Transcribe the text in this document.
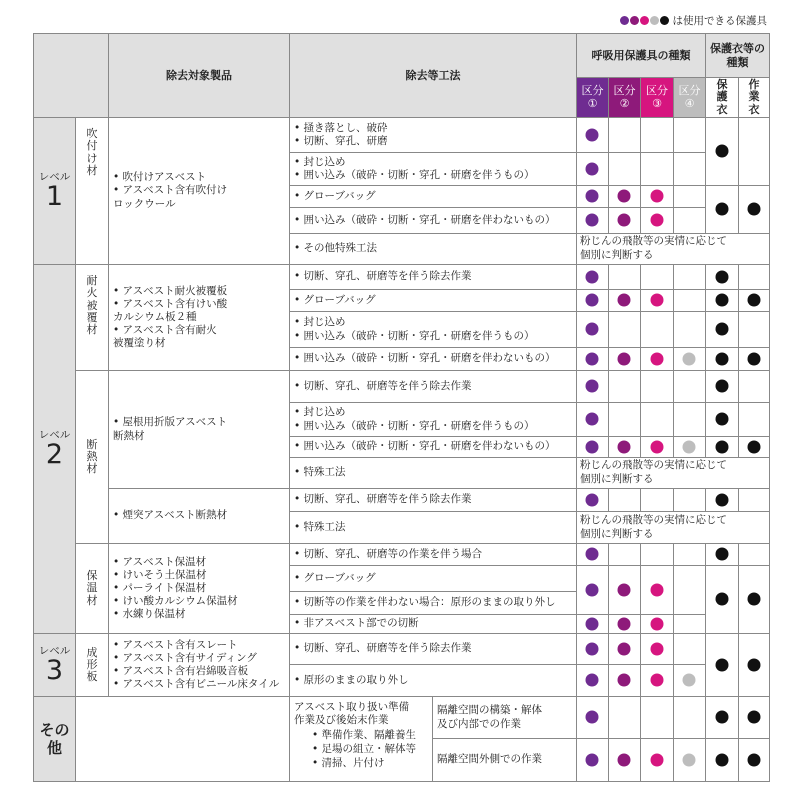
は使用できる保護具
除去対象製品	除去等工法
呼吸用保護具の種類
保護衣等の種類
区分
①
区分
②
区分
③
区分
④
保
護
衣
作
業
衣
レベル
1
レベル
2
レベル
3
その
他
吹
付
け
材
耐
火
被
覆
材
断
熱
材
保
温
材
成
形
板
• 吹付けアスベスト
• アスベスト含有吹付け
ロックウール
• アスベスト耐火被覆板
• アスベスト含有けい酸
カルシウム板２種
• アスベスト含有耐火
被覆塗り材
• 屋根用折版アスベスト
断熱材
• 煙突アスベスト断熱材
• アスベスト保温材
• けいそう土保温材
• パーライト保温材
• けい酸カルシウム保温材
• 水練り保温材
• アスベスト含有スレート
• アスベスト含有サイディング
• アスベスト含有岩綿吸音板
• アスベスト含有ビニール床タイル
• 掻き落とし、破砕
• 切断、穿孔、研磨
• 封じ込め
• 囲い込み（破砕・切断・穿孔・研磨を伴うもの）
• グローブバッグ
• 囲い込み（破砕・切断・穿孔・研磨を伴わないもの）
• その他特殊工法
• 切断、穿孔、研磨等を伴う除去作業
• グローブバッグ
• 封じ込め
• 囲い込み（破砕・切断・穿孔・研磨を伴うもの）
• 囲い込み（破砕・切断・穿孔・研磨を伴わないもの）
• 切断、穿孔、研磨等を伴う除去作業
• 封じ込め
• 囲い込み（破砕・切断・穿孔・研磨を伴うもの）
• 囲い込み（破砕・切断・穿孔・研磨を伴わないもの）
• 特殊工法
• 切断、穿孔、研磨等を伴う除去作業
• 特殊工法
• 切断、穿孔、研磨等の作業を伴う場合
• グローブバッグ
• 切断等の作業を伴わない場合：原形のままの取り外し
• 非アスベスト部での切断
• 切断、穿孔、研磨等を伴う除去作業
• 原形のままの取り外し
アスベスト取り扱い準備
作業及び後始末作業
• 準備作業、隔離養生
• 足場の組立・解体等
• 清掃、片付け
隔離空間の構築・解体
及び内部での作業
隔離空間外側での作業
粉じんの飛散等の実情に応じて
個別に判断する
粉じんの飛散等の実情に応じて
個別に判断する
粉じんの飛散等の実情に応じて
個別に判断する
